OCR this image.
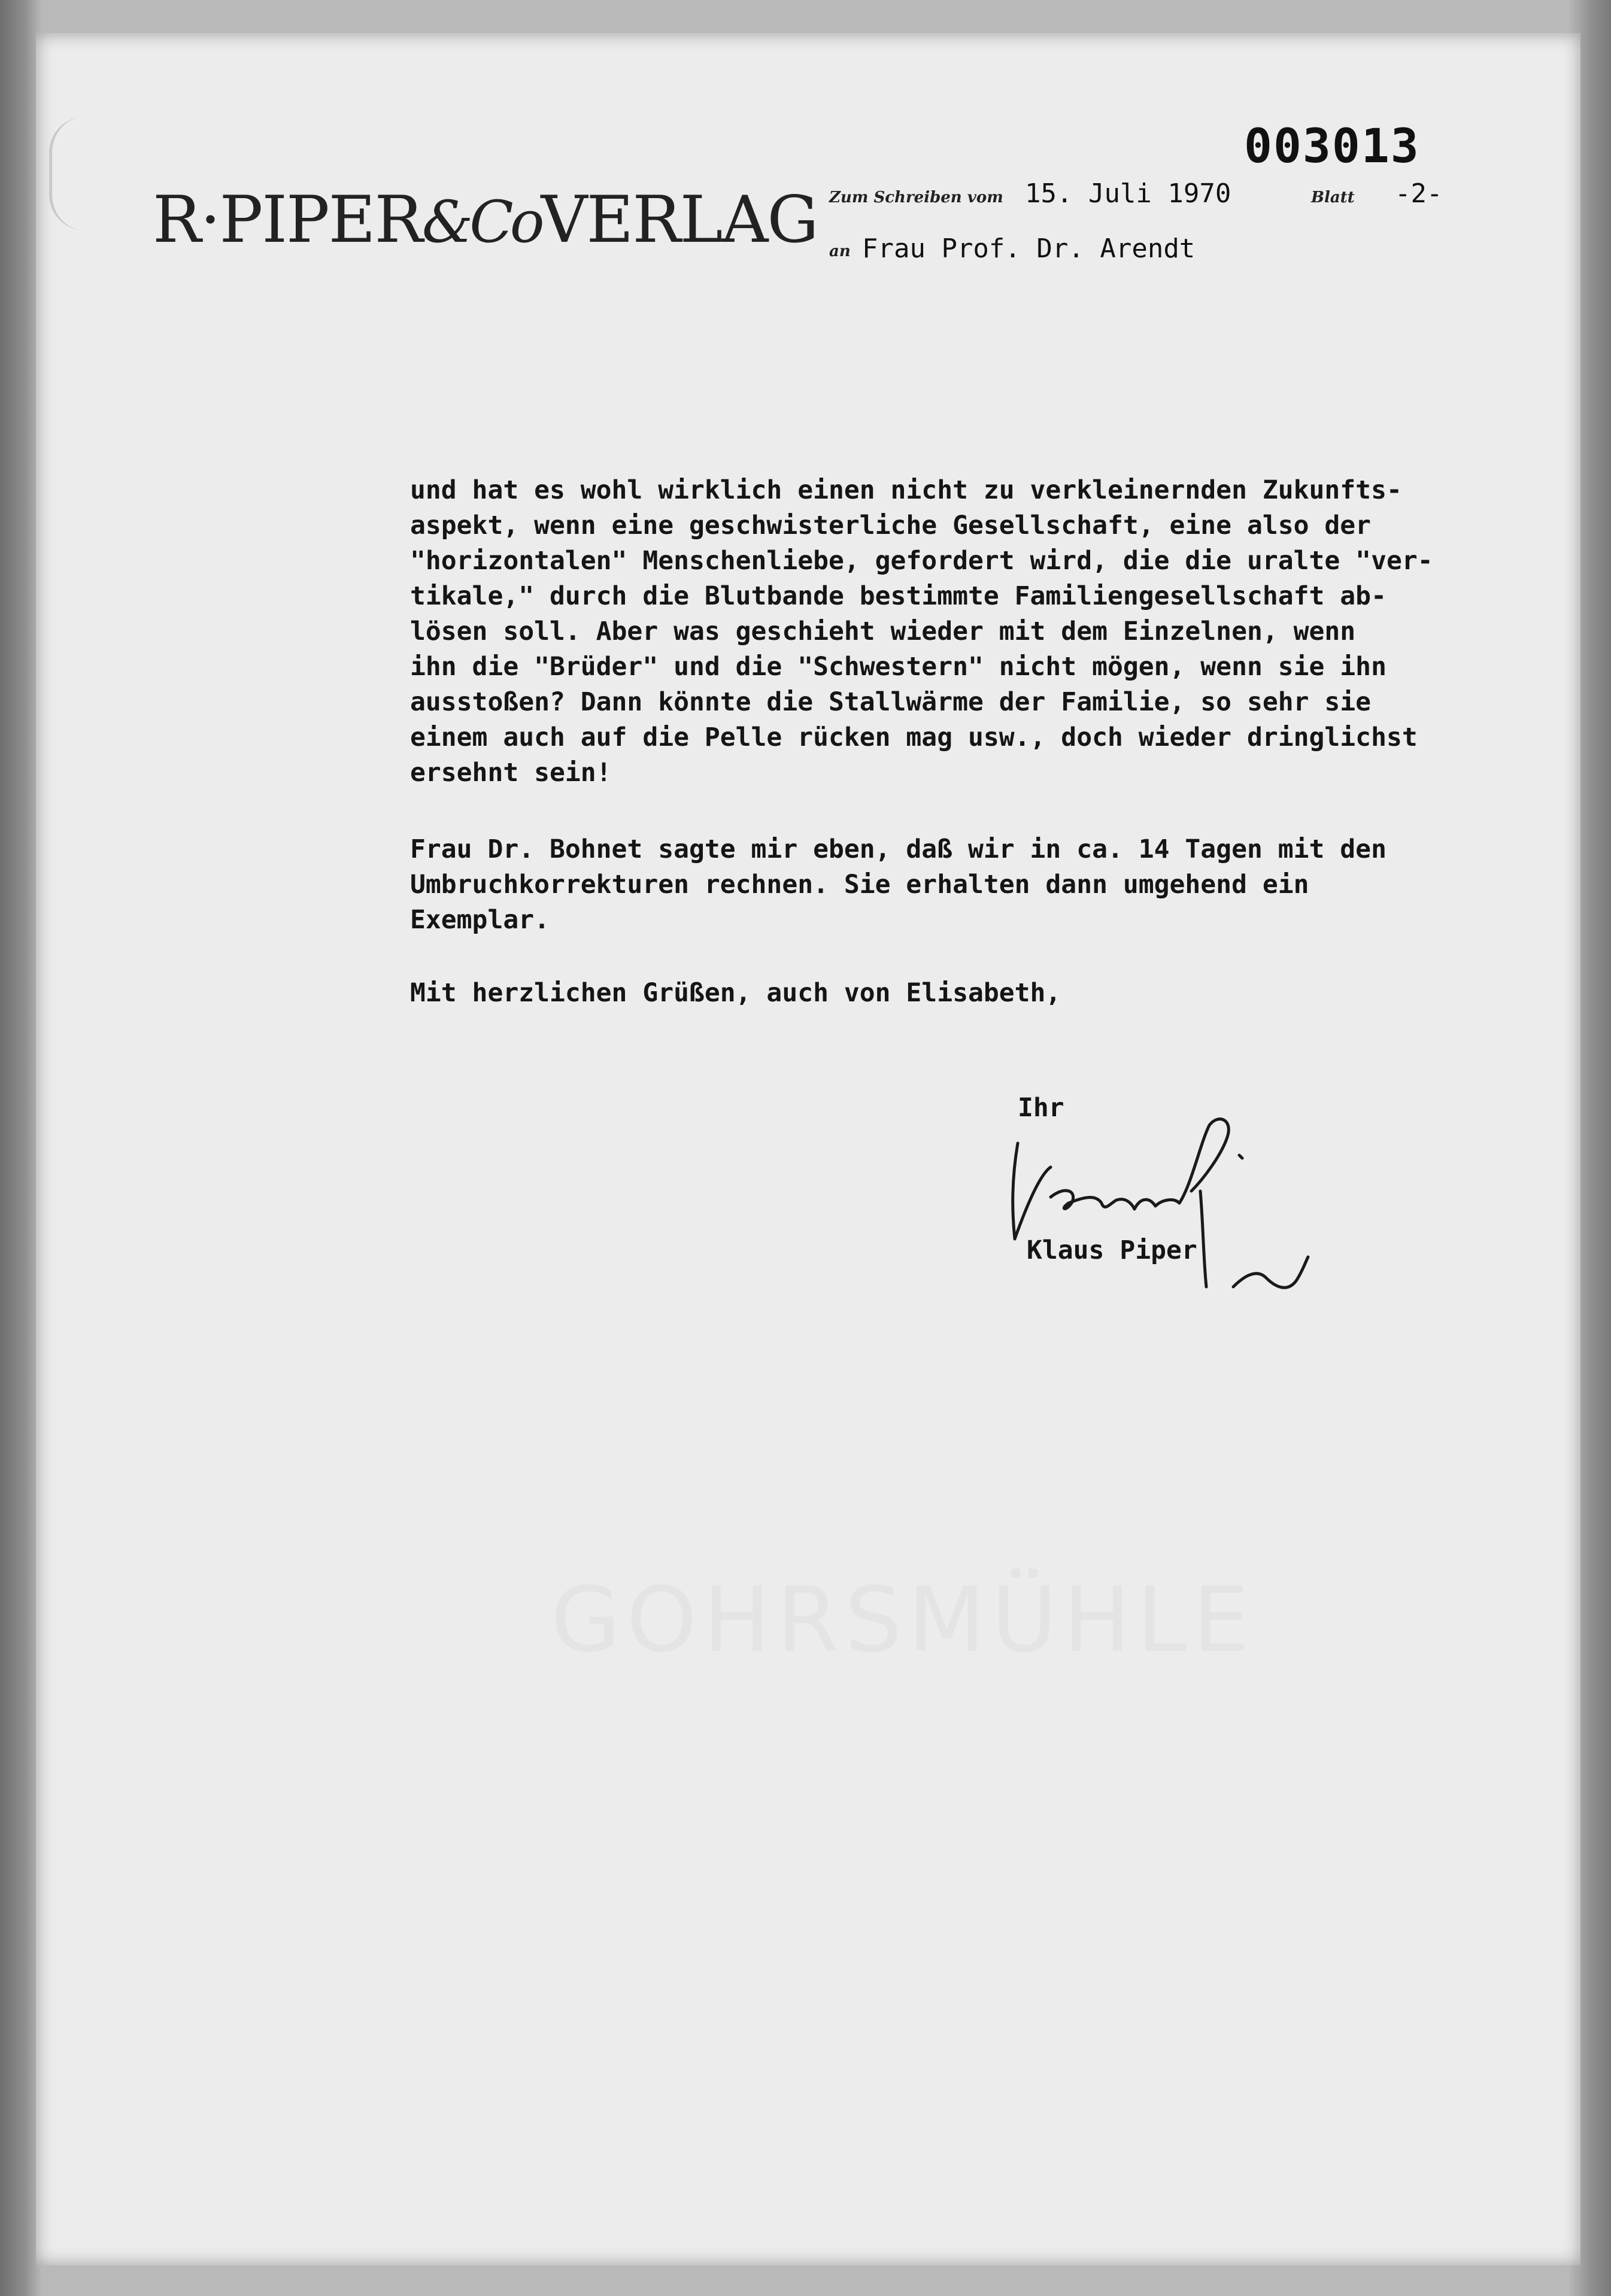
R·PIPER&CoVERLAG
003013
Zum Schreiben vom 15. Juli 1970	Blatt -2-
an Frau Prof. Dr. Arendt
und hat es wohl wirklich einen nicht zu verkleinernden Zukunfts-
aspekt, wenn eine geschwisterliche Gesellschaft, eine also der
"horizontalen" Menschenliebe, gefordert wird, die die uralte "ver-
tikale," durch die Blutbande bestimmte Familiengesellschaft ab-
lösen soll. Aber was geschieht wieder mit dem Einzelnen, wenn
ihn die "Brüder" und die "Schwestern" nicht mögen, wenn sie ihn
ausstoßen? Dann könnte die Stallwärme der Familie, so sehr sie
einem auch auf die Pelle rücken mag usw., doch wieder dringlichst
ersehnt sein!
Frau Dr. Bohnet sagte mir eben, daß wir in ca. 14 Tagen mit den
Umbruchkorrekturen rechnen. Sie erhalten dann umgehend ein
Exemplar.
Mit herzlichen Grüßen, auch von Elisabeth,
Ihr
Klaus Piper
GOHRSMÜHLE
